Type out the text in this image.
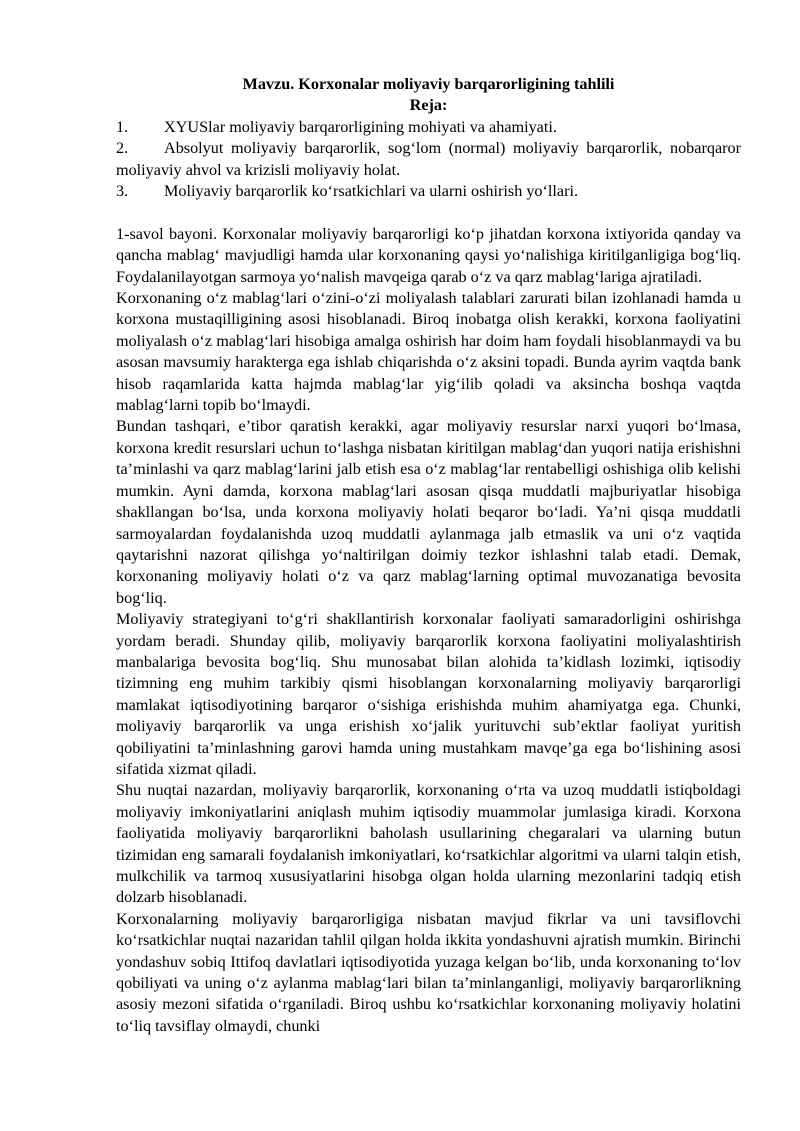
Mavzu. Korxonalar moliyaviy barqarorligining tahlili
Reja:
1. XYUSlar moliyaviy barqarorligining mohiyati va ahamiyati.
2. Absolyut moliyaviy barqarorlik, sog‘lom (normal) moliyaviy barqarorlik, nobarqaror moliyaviy ahvol va krizisli moliyaviy holat.
3. Moliyaviy barqarorlik ko‘rsatkichlari va ularni oshirish yo‘llari.

1-savol bayoni. Korxonalar moliyaviy barqarorligi ko‘p jihatdan korxona ixtiyorida qanday va qancha mablag‘ mavjudligi hamda ular korxonaning qaysi yo‘nalishiga kiritilganligiga bog‘liq. Foydalanilayotgan sarmoya yo‘nalish mavqeiga qarab o‘z va qarz mablag‘lariga ajratiladi.

Korxonaning o‘z mablag‘lari o‘zini-o‘zi moliyalash talablari zarurati bilan izohlanadi hamda u korxona mustaqilligining asosi hisoblanadi. Biroq inobatga olish kerakki, korxona faoliyatini moliyalash o‘z mablag‘lari hisobiga amalga oshirish har doim ham foydali hisoblanmaydi va bu asosan mavsumiy harakterga ega ishlab chiqarishda o‘z aksini topadi. Bunda ayrim vaqtda bank hisob raqamlarida katta hajmda mablag‘lar yig‘ilib qoladi va aksincha boshqa vaqtda mablag‘larni topib bo‘lmaydi.

Bundan tashqari, e’tibor qaratish kerakki, agar moliyaviy resurslar narxi yuqori bo‘lmasa, korxona kredit resurslari uchun to‘lashga nisbatan kiritilgan mablag‘dan yuqori natija erishishni ta’minlashi va qarz mablag‘larini jalb etish esa o‘z mablag‘lar rentabelligi oshishiga olib kelishi mumkin. Ayni damda, korxona mablag‘lari asosan qisqa muddatli majburiyatlar hisobiga shakllangan bo‘lsa, unda korxona moliyaviy holati beqaror bo‘ladi. Ya’ni qisqa muddatli sarmoyalardan foydalanishda uzoq muddatli aylanmaga jalb etmaslik va uni o‘z vaqtida qaytarishni nazorat qilishga yo‘naltirilgan doimiy tezkor ishlashni talab etadi. Demak, korxonaning moliyaviy holati o‘z va qarz mablag‘larning optimal muvozanatiga bevosita bog‘liq.

Moliyaviy strategiyani to‘g‘ri shakllantirish korxonalar faoliyati samaradorligini oshirishga yordam beradi. Shunday qilib, moliyaviy barqarorlik korxona faoliyatini moliyalashtirish manbalariga bevosita bog‘liq. Shu munosabat bilan alohida ta’kidlash lozimki, iqtisodiy tizimning eng muhim tarkibiy qismi hisoblangan korxonalarning moliyaviy barqarorligi mamlakat iqtisodiyotining barqaror o‘sishiga erishishda muhim ahamiyatga ega. Chunki, moliyaviy barqarorlik va unga erishish xo‘jalik yurituvchi sub’ektlar faoliyat yuritish qobiliyatini ta’minlashning garovi hamda uning mustahkam mavqe’ga ega bo‘lishining asosi sifatida xizmat qiladi.

Shu nuqtai nazardan, moliyaviy barqarorlik, korxonaning o‘rta va uzoq muddatli istiqboldagi moliyaviy imkoniyatlarini aniqlash muhim iqtisodiy muammolar jumlasiga kiradi. Korxona faoliyatida moliyaviy barqarorlikni baholash usullarining chegaralari va ularning butun tizimidan eng samarali foydalanish imkoniyatlari, ko‘rsatkichlar algoritmi va ularni talqin etish, mulkchilik va tarmoq xususiyatlarini hisobga olgan holda ularning mezonlarini tadqiq etish dolzarb hisoblanadi.

Korxonalarning moliyaviy barqarorligiga nisbatan mavjud fikrlar va uni tavsiflovchi ko‘rsatkichlar nuqtai nazaridan tahlil qilgan holda ikkita yondashuvni ajratish mumkin. Birinchi yondashuv sobiq Ittifoq davlatlari iqtisodiyotida yuzaga kelgan bo‘lib, unda korxonaning to‘lov qobiliyati va uning o‘z aylanma mablag‘lari bilan ta’minlanganligi, moliyaviy barqarorlikning asosiy mezoni sifatida o‘rganiladi. Biroq ushbu ko‘rsatkichlar korxonaning moliyaviy holatini to‘liq tavsiflay olmaydi, chunki
